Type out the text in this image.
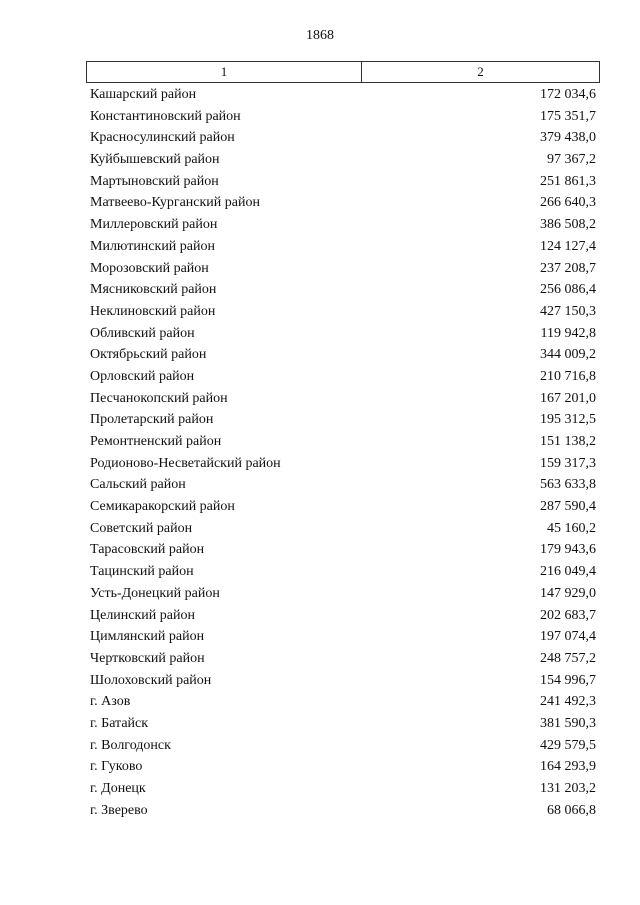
1868
1	2
Кашарский район	172 034,6
Константиновский район	175 351,7
Красносулинский район	379 438,0
Куйбышевский район	97 367,2
Мартыновский район	251 861,3
Матвеево-Курганский район	266 640,3
Миллеровский район	386 508,2
Милютинский район	124 127,4
Морозовский район	237 208,7
Мясниковский район	256 086,4
Неклиновский район	427 150,3
Обливский район	119 942,8
Октябрьский район	344 009,2
Орловский район	210 716,8
Песчанокопский район	167 201,0
Пролетарский район	195 312,5
Ремонтненский район	151 138,2
Родионово-Несветайский район	159 317,3
Сальский район	563 633,8
Семикаракорский район	287 590,4
Советский район	45 160,2
Тарасовский район	179 943,6
Тацинский район	216 049,4
Усть-Донецкий район	147 929,0
Целинский район	202 683,7
Цимлянский район	197 074,4
Чертковский район	248 757,2
Шолоховский район	154 996,7
г. Азов	241 492,3
г. Батайск	381 590,3
г. Волгодонск	429 579,5
г. Гуково	164 293,9
г. Донецк	131 203,2
г. Зверево	68 066,8
